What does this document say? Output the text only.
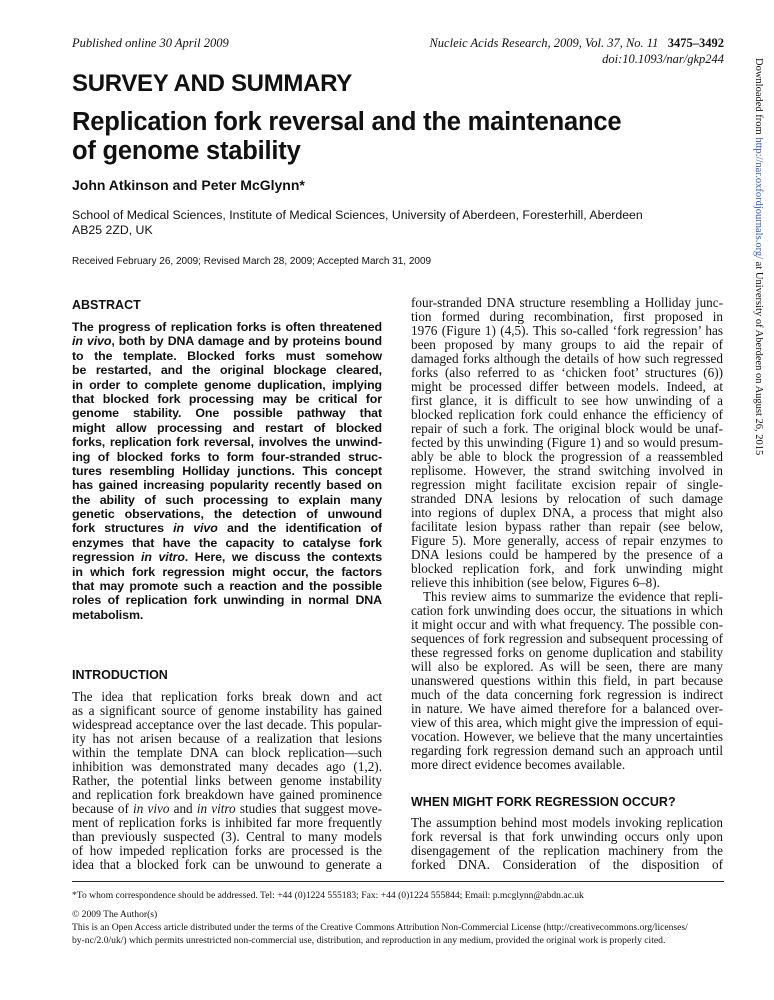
Published online 30 April 2009	Nucleic Acids Research, 2009, Vol. 37, No. 11 3475–3492
doi:10.1093/nar/gkp244
SURVEY AND SUMMARY
Replication fork reversal and the maintenance
of genome stability
John Atkinson and Peter McGlynn*
School of Medical Sciences, Institute of Medical Sciences, University of Aberdeen, Foresterhill, Aberdeen
AB25 2ZD, UK
Received February 26, 2009; Revised March 28, 2009; Accepted March 31, 2009
ABSTRACT
The progress of replication forks is often threatened
in vivo, both by DNA damage and by proteins bound
to the template. Blocked forks must somehow
be restarted, and the original blockage cleared,
in order to complete genome duplication, implying
that blocked fork processing may be critical for
genome stability. One possible pathway that
might allow processing and restart of blocked
forks, replication fork reversal, involves the unwind-
ing of blocked forks to form four-stranded struc-
tures resembling Holliday junctions. This concept
has gained increasing popularity recently based on
the ability of such processing to explain many
genetic observations, the detection of unwound
fork structures in vivo and the identification of
enzymes that have the capacity to catalyse fork
regression in vitro. Here, we discuss the contexts
in which fork regression might occur, the factors
that may promote such a reaction and the possible
roles of replication fork unwinding in normal DNA
metabolism.
INTRODUCTION
The idea that replication forks break down and act
as a significant source of genome instability has gained
widespread acceptance over the last decade. This popular-
ity has not arisen because of a realization that lesions
within the template DNA can block replication—such
inhibition was demonstrated many decades ago (1,2).
Rather, the potential links between genome instability
and replication fork breakdown have gained prominence
because of in vivo and in vitro studies that suggest move-
ment of replication forks is inhibited far more frequently
than previously suspected (3). Central to many models
of how impeded replication forks are processed is the
idea that a blocked fork can be unwound to generate a
four-stranded DNA structure resembling a Holliday junc-
tion formed during recombination, first proposed in
1976 (Figure 1) (4,5). This so-called ‘fork regression’ has
been proposed by many groups to aid the repair of
damaged forks although the details of how such regressed
forks (also referred to as ‘chicken foot’ structures (6))
might be processed differ between models. Indeed, at
first glance, it is difficult to see how unwinding of a
blocked replication fork could enhance the efficiency of
repair of such a fork. The original block would be unaf-
fected by this unwinding (Figure 1) and so would presum-
ably be able to block the progression of a reassembled
replisome. However, the strand switching involved in
regression might facilitate excision repair of single-
stranded DNA lesions by relocation of such damage
into regions of duplex DNA, a process that might also
facilitate lesion bypass rather than repair (see below,
Figure 5). More generally, access of repair enzymes to
DNA lesions could be hampered by the presence of a
blocked replication fork, and fork unwinding might
relieve this inhibition (see below, Figures 6–8).
This review aims to summarize the evidence that repli-
cation fork unwinding does occur, the situations in which
it might occur and with what frequency. The possible con-
sequences of fork regression and subsequent processing of
these regressed forks on genome duplication and stability
will also be explored. As will be seen, there are many
unanswered questions within this field, in part because
much of the data concerning fork regression is indirect
in nature. We have aimed therefore for a balanced over-
view of this area, which might give the impression of equi-
vocation. However, we believe that the many uncertainties
regarding fork regression demand such an approach until
more direct evidence becomes available.
WHEN MIGHT FORK REGRESSION OCCUR?
The assumption behind most models invoking replication
fork reversal is that fork unwinding occurs only upon
disengagement of the replication machinery from the
forked DNA. Consideration of the disposition of
*To whom correspondence should be addressed. Tel: +44 (0)1224 555183; Fax: +44 (0)1224 555844; Email: p.mcglynn@abdn.ac.uk
© 2009 The Author(s)
This is an Open Access article distributed under the terms of the Creative Commons Attribution Non-Commercial License (http://creativecommons.org/licenses/
by-nc/2.0/uk/) which permits unrestricted non-commercial use, distribution, and reproduction in any medium, provided the original work is properly cited.
Downloaded from http://nar.oxfordjournals.org/ at University of Aberdeen on August 26, 2015
